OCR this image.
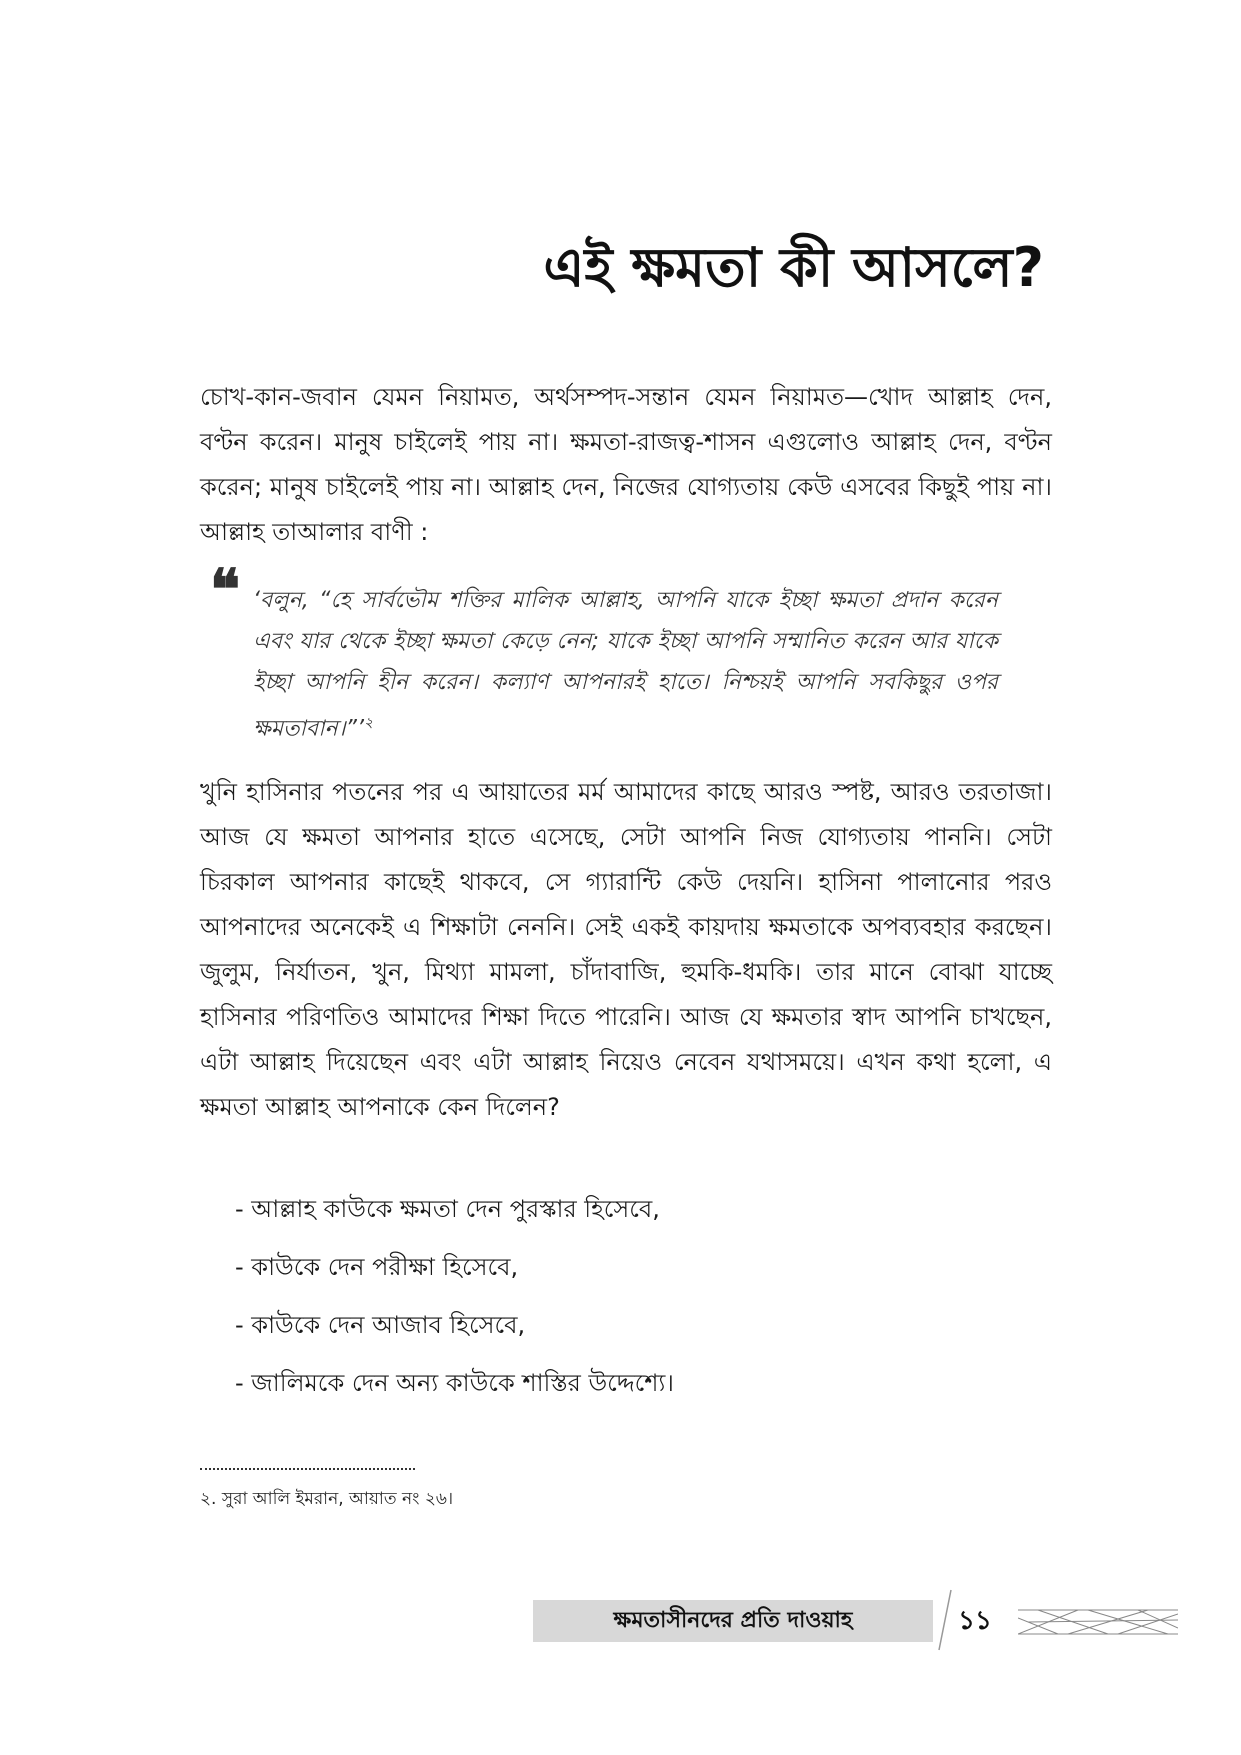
এই ক্ষমতা কী আসলে?
চোখ-কান-জবান যেমন নিয়ামত, অর্থসম্পদ-সন্তান যেমন নিয়ামত—খোদ আল্লাহ দেন, বণ্টন করেন। মানুষ চাইলেই পায় না। ক্ষমতা-রাজত্ব-শাসন এগুলোও আল্লাহ দেন, বণ্টন করেন; মানুষ চাইলেই পায় না। আল্লাহ দেন, নিজের যোগ্যতায় কেউ এসবের কিছুই পায় না। আল্লাহ তাআলার বাণী :
❝ ‘বলুন, “হে সার্বভৌম শক্তির মালিক আল্লাহ, আপনি যাকে ইচ্ছা ক্ষমতা প্রদান করেন এবং যার থেকে ইচ্ছা ক্ষমতা কেড়ে নেন; যাকে ইচ্ছা আপনি সম্মানিত করেন আর যাকে ইচ্ছা আপনি হীন করেন। কল্যাণ আপনারই হাতে। নিশ্চয়ই আপনি সবকিছুর ওপর ক্ষমতাবান।”’$^২$
খুনি হাসিনার পতনের পর এ আয়াতের মর্ম আমাদের কাছে আরও স্পষ্ট, আরও তরতাজা। আজ যে ক্ষমতা আপনার হাতে এসেছে, সেটা আপনি নিজ যোগ্যতায় পাননি। সেটা চিরকাল আপনার কাছেই থাকবে, সে গ্যারান্টি কেউ দেয়নি। হাসিনা পালানোর পরও আপনাদের অনেকেই এ শিক্ষাটা নেননি। সেই একই কায়দায় ক্ষমতাকে অপব্যবহার করছেন। জুলুম, নির্যাতন, খুন, মিথ্যা মামলা, চাঁদাবাজি, হুমকি-ধমকি। তার মানে বোঝা যাচ্ছে হাসিনার পরিণতিও আমাদের শিক্ষা দিতে পারেনি। আজ যে ক্ষমতার স্বাদ আপনি চাখছেন, এটা আল্লাহ দিয়েছেন এবং এটা আল্লাহ নিয়েও নেবেন যথাসময়ে। এখন কথা হলো, এ ক্ষমতা আল্লাহ আপনাকে কেন দিলেন?
- আল্লাহ কাউকে ক্ষমতা দেন পুরস্কার হিসেবে,
- কাউকে দেন পরীক্ষা হিসেবে,
- কাউকে দেন আজাব হিসেবে,
- জালিমকে দেন অন্য কাউকে শাস্তির উদ্দেশ্যে।
২. সুরা আলি ইমরান, আয়াত নং ২৬।
ক্ষমতাসীনদের প্রতি দাওয়াহ	১১
